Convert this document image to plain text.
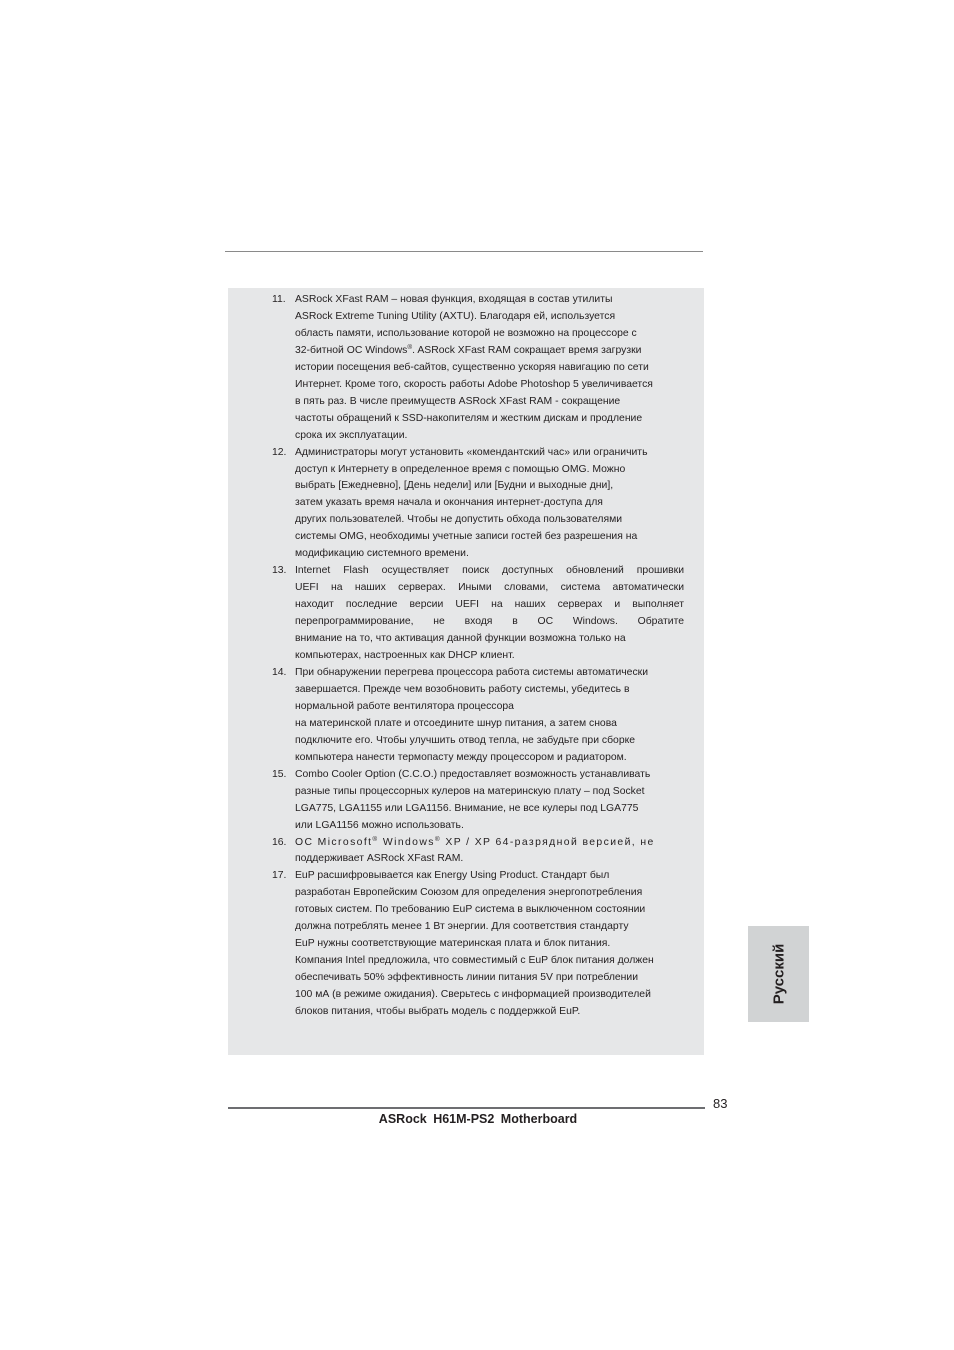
11. ASRock XFast RAM – новая функция, входящая в состав утилиты
ASRock Extreme Tuning Utility (AXTU). Благодаря ей, используется
область памяти, использование которой не возможно на процессоре с
32-битной ОС Windows®. ASRock XFast RAM сокращает время загрузки
истории посещения веб-сайтов, существенно ускоряя навигацию по сети
Интернет. Кроме того, скорость работы Adobe Photoshop 5 увеличивается
в пять раз. В числе преимуществ ASRock XFast RAM - сокращение
частоты обращений к SSD-накопителям и жестким дискам и продление
срока их эксплуатации.
12. Администраторы могут установить «комендантский час» или ограничить
доступ к Интернету в определенное время с помощью OMG. Можно
выбрать [Ежедневно], [День недели] или [Будни и выходные дни],
затем указать время начала и окончания интернет-доступа для
других пользователей. Чтобы не допустить обхода пользователями
системы OMG, необходимы учетные записи гостей без разрешения на
модификацию системного времени.
13. Internet Flash осуществляет поиск доступных обновлений прошивки
UEFI на наших серверах. Иными словами, система автоматически
находит последние версии UEFI на наших серверах и выполняет
перепрограммирование, не входя в ОС Windows. Обратите
внимание на то, что активация данной функции возможна только на
компьютерах, настроенных как DHCP клиент.
14. При обнаружении перегрева процессора работа системы автоматически
завершается. Прежде чем возобновить работу системы, убедитесь в
нормальной работе вентилятора процессора
на материнской плате и отсоедините шнур питания, а затем снова
подключите его. Чтобы улучшить отвод тепла, не забудьте при сборке
компьютера нанести термопасту между процессором и радиатором.
15. Combo Cooler Option (C.C.O.) предоставляет возможность устанавливать
разные типы процессорных кулеров на материнскую плату – под Socket
LGA775, LGA1155 или LGA1156. Внимание, не все кулеры под LGA775
или LGA1156 можно использовать.
16. ОС Microsoft® Windows® XP / XP 64-разрядной версией, не
поддерживает ASRock XFast RAM.
17. EuP расшифровывается как Energy Using Product. Стандарт был
разработан Европейским Союзом для определения энергопотребления
готовых систем. По требованию EuP система в выключенном состоянии
должна потреблять менее 1 Вт энергии. Для соответствия стандарту
EuP нужны соответствующие материнская плата и блок питания.
Компания Intel предложила, что совместимый с EuP блок питания должен
обеспечивать 50% эффективность линии питания 5V при потреблении
100 мА (в режиме ожидания). Сверьтесь с информацией производителей
блоков питания, чтобы выбрать модель с поддержкой EuP.
Русский
83
ASRock H61M-PS2 Motherboard
